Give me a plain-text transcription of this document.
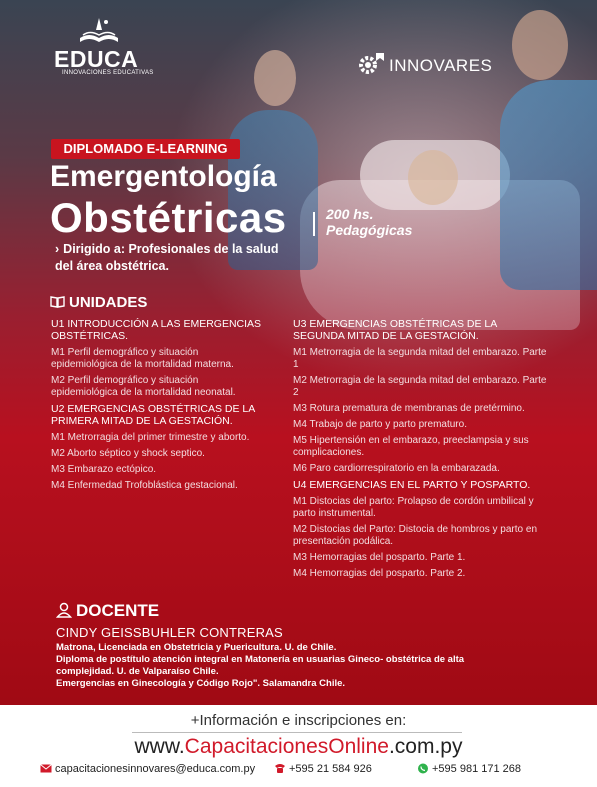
EDUCA
INNOVACIONES EDUCATIVAS	INNOVARES
DIPLOMADO E-LEARNING
Emergentología
Obstétricas	200 hs.
Pedagógicas
› Dirigido a: Profesionales de la salud
del área obstétrica.
UNIDADES
U1 INTRODUCCIÓN A LAS EMERGENCIAS OBSTÉTRICAS.
M1 Perfil demográfico y situación epidemiológica de la mortalidad materna.
M2 Perfil demográfico y situación epidemiológica de la mortalidad neonatal.
U2 EMERGENCIAS OBSTÉTRICAS DE LA PRIMERA MITAD DE LA GESTACIÓN.
M1 Metrorragia del primer trimestre y aborto.
M2 Aborto séptico y shock septico.
M3 Embarazo ectópico.
M4 Enfermedad Trofoblástica gestacional.
U3 EMERGENCIAS OBSTÉTRICAS DE LA SEGUNDA MITAD DE LA GESTACIÓN.
M1 Metrorragia de la segunda mitad del embarazo. Parte 1
M2 Metrorragia de la segunda mitad del embarazo. Parte 2
M3 Rotura prematura de membranas de pretérmino.
M4 Trabajo de parto y parto prematuro.
M5 Hipertensión en el embarazo, preeclampsia y sus complicaciones.
M6 Paro cardiorrespiratorio en la embarazada.
U4 EMERGENCIAS EN EL PARTO Y POSPARTO.
M1 Distocias del parto: Prolapso de cordón umbilical y parto instrumental.
M2 Distocias del Parto: Distocia de hombros y parto en presentación podálica.
M3 Hemorragias del posparto. Parte 1.
M4 Hemorragias del posparto. Parte 2.
DOCENTE
CINDY GEISSBUHLER CONTRERAS
Matrona, Licenciada en Obstetricia y Puericultura. U. de Chile.
Diploma de postítulo atención integral en Matonería en usuarias Gineco- obstétrica de alta complejidad. U. de Valparaíso Chile.
Emergencias en Ginecología y Código Rojo". Salamandra Chile.
+Información e inscripciones en:
www.CapacitacionesOnline.com.py
capacitacionesinnovares@educa.com.py	+595 21 584 926	+595 981 171 268
